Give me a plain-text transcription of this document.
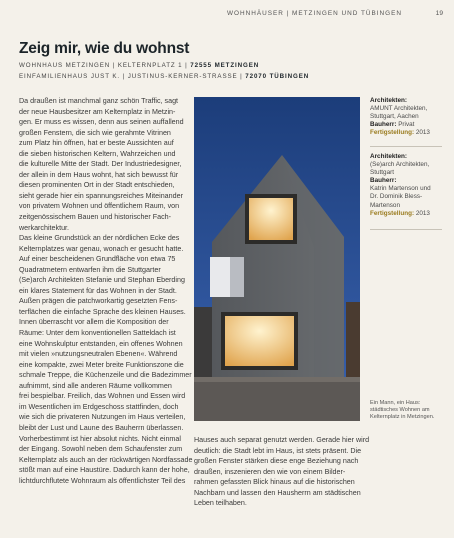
WOHNHÄUSER | METZINGEN UND TÜBINGEN	19
Zeig mir, wie du wohnst
WOHNHAUS METZINGEN | KELTERNPLATZ 1 | 72555 METZINGEN
EINFAMILIENHAUS JUST K. | JUSTINUS-KERNER-STRASSE | 72070 TÜBINGEN
Da draußen ist manchmal ganz schön Traffic, sagt
der neue Hausbesitzer am Kelternplatz in Metzin-
gen. Er muss es wissen, denn aus seinen auffallend
großen Fenstern, die sich wie gerahmte Vitrinen
zum Platz hin öffnen, hat er beste Aussichten auf
die sieben historischen Keltern, Wahrzeichen und
die kulturelle Mitte der Stadt. Der Industriedesigner,
der allein in dem Haus wohnt, hat sich bewusst für
diesen prominenten Ort in der Stadt entschieden,
sieht gerade hier ein spannungsreiches Miteinander
von privatem Wohnen und öffentlichem Raum, von
zeitgenössischem Bauen und historischer Fach-
werkarchitektur.
Das kleine Grundstück an der nördlichen Ecke des
Kelternplatzes war genau, wonach er gesucht hatte.
Auf einer bescheidenen Grundfläche von etwa 75
Quadratmetern entwarfen ihm die Stuttgarter
(Se)arch Architekten Stefanie und Stephan Eberding
ein klares Statement für das Wohnen in der Stadt.
Außen prägen die patchworkartig gesetzten Fens-
terflächen die einfache Sprache des kleinen Hauses.
Innen überrascht vor allem die Komposition der
Räume: Unter dem konventionellen Satteldach ist
eine Wohnskulptur entstanden, ein offenes Wohnen
mit vielen »nutzungsneutralen Ebenen«. Während
eine kompakte, zwei Meter breite Funktionszone die
schmale Treppe, die Küchenzeile und die Badezimmer
aufnimmt, sind alle anderen Räume vollkommen
frei bespielbar. Freilich, das Wohnen und Essen wird
im Wesentlichen im Erdgeschoss stattfinden, doch
wie sich die privateren Nutzungen im Haus verteilen,
bleibt der Lust und Laune des Bauherrn überlassen.
Vorherbestimmt ist hier absolut nichts. Nicht einmal
der Eingang. Sowohl neben dem Schaufenster zum
Kelternplatz als auch an der rückwärtigen Nordfassade
stößt man auf eine Haustüre. Dadurch kann der hohe,
lichtdurchflutete Wohnraum als öffentlichster Teil des
Architekten:
AMUNT Architekten,
Stuttgart, Aachen
Bauherr: Privat
Fertigstellung: 2013
Architekten:
(Se)arch Architekten,
Stuttgart
Bauherr:
Katrin Martenson und
Dr. Dominik Bless-
Martenson
Fertigstellung: 2013
Ein Mann, ein Haus:
städtisches Wohnen am
Kelternplatz in Metzingen.
Hauses auch separat genutzt werden. Gerade hier wird
deutlich: die Stadt lebt im Haus, ist stets präsent. Die
großen Fenster stärken diese enge Beziehung nach
draußen, inszenieren den wie von einem Bilder-
rahmen gefassten Blick hinaus auf die historischen
Nachbarn und lassen den Hausherrn am städtischen
Leben teilhaben.
